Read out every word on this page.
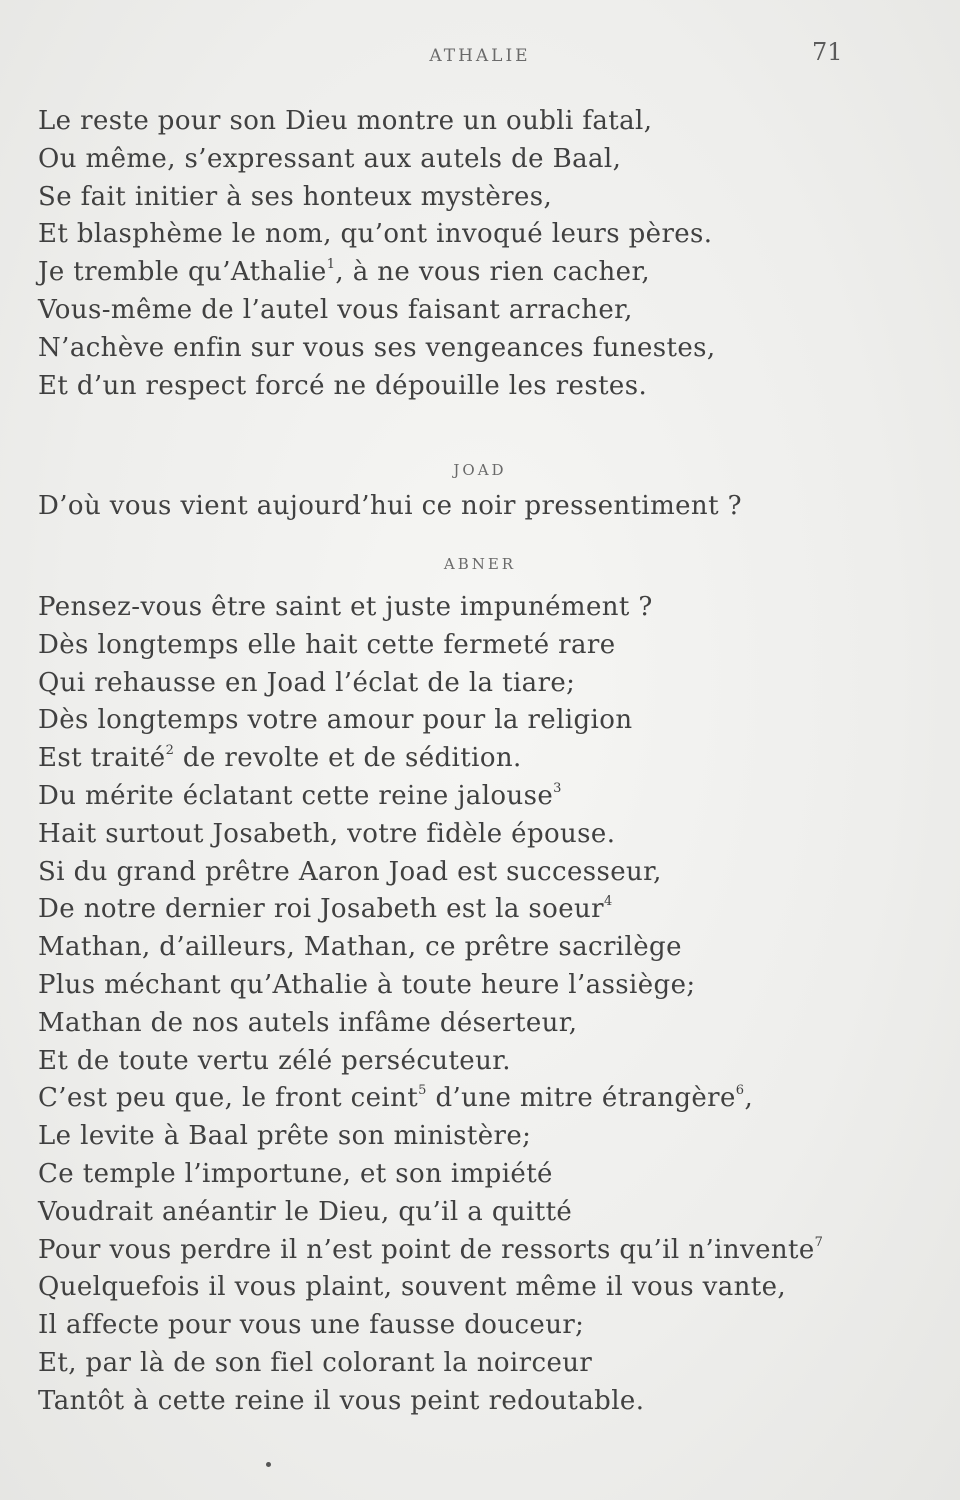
ATHALIE	71
Le reste pour son Dieu montre un oubli fatal,
Ou même, s’expressant aux autels de Baal,
Se fait initier à ses honteux mystères,
Et blasphème le nom, qu’ont invoqué leurs pères.
Je tremble qu’Athalie$^1$, à ne vous rien cacher,
Vous-même de l’autel vous faisant arracher,
N’achève enfin sur vous ses vengeances funestes,
Et d’un respect forcé ne dépouille les restes.
JOAD
D’où vous vient aujourd’hui ce noir pressentiment ?
ABNER
Pensez-vous être saint et juste impunément ?
Dès longtemps elle hait cette fermeté rare
Qui rehausse en Joad l’éclat de la tiare;
Dès longtemps votre amour pour la religion
Est traité$^2$ de revolte et de sédition.
Du mérite éclatant cette reine jalouse$^3$
Hait surtout Josabeth, votre fidèle épouse.
Si du grand prêtre Aaron Joad est successeur,
De notre dernier roi Josabeth est la soeur$^4$
Mathan, d’ailleurs, Mathan, ce prêtre sacrilège
Plus méchant qu’Athalie à toute heure l’assiège;
Mathan de nos autels infâme déserteur,
Et de toute vertu zélé persécuteur.
C’est peu que, le front ceint$^5$ d’une mitre étrangère$^6$,
Le levite à Baal prête son ministère;
Ce temple l’importune, et son impiété
Voudrait anéantir le Dieu, qu’il a quitté
Pour vous perdre il n’est point de ressorts qu’il n’invente$^7$
Quelquefois il vous plaint, souvent même il vous vante,
Il affecte pour vous une fausse douceur;
Et, par là de son fiel colorant la noirceur
Tantôt à cette reine il vous peint redoutable.
